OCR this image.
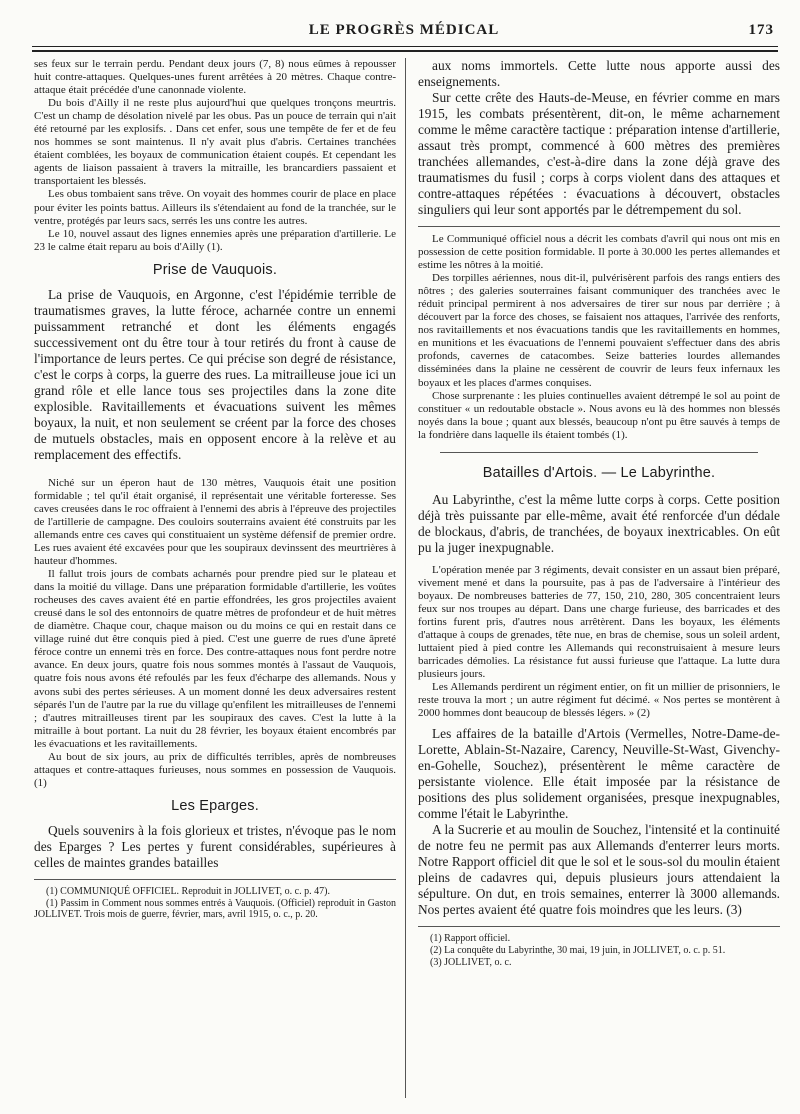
LE PROGRÈS MÉDICAL	173

ses feux sur le terrain perdu. Pendant deux jours (7, 8) nous eûmes à repousser huit contre-attaques. Quelques-unes furent arrêtées à 20 mètres. Chaque contre-attaque était précédée d'une canonnade violente.

Du bois d'Ailly il ne reste plus aujourd'hui que quelques tronçons meurtris. C'est un champ de désolation nivelé par les obus. Pas un pouce de terrain qui n'ait été retourné par les explosifs. . Dans cet enfer, sous une tempête de fer et de feu nos hommes se sont maintenus. Il n'y avait plus d'abris. Certaines tranchées étaient comblées, les boyaux de communication étaient coupés. Et cependant les agents de liaison passaient à travers la mitraille, les brancardiers passaient et transportaient les blessés.

Les obus tombaient sans trêve. On voyait des hommes courir de place en place pour éviter les points battus. Ailleurs ils s'étendaient au fond de la tranchée, sur le ventre, protégés par leurs sacs, serrés les uns contre les autres.

Le 10, nouvel assaut des lignes ennemies après une préparation d'artillerie. Le 23 le calme était reparu au bois d'Ailly (1).

Prise de Vauquois.

La prise de Vauquois, en Argonne, c'est l'épidémie terrible de traumatismes graves, la lutte féroce, acharnée contre un ennemi puissamment retranché et dont les éléments engagés successivement ont du être tour à tour retirés du front à cause de l'importance de leurs pertes. Ce qui précise son degré de résistance, c'est le corps à corps, la guerre des rues. La mitrailleuse joue ici un grand rôle et elle lance tous ses projectiles dans la zone dite explosible. Ravitaillements et évacuations suivent les mêmes boyaux, la nuit, et non seulement se créent par la force des choses de mutuels obstacles, mais en opposent encore à la relève et au remplacement des effectifs.

Niché sur un éperon haut de 130 mètres, Vauquois était une position formidable ; tel qu'il était organisé, il représentait une véritable forteresse. Ses caves creusées dans le roc offraient à l'ennemi des abris à l'épreuve des projectiles de l'artillerie de campagne. Des couloirs souterrains avaient été construits par les allemands entre ces caves qui constituaient un système défensif de premier ordre. Les rues avaient été excavées pour que les soupiraux devinssent des meurtrières à hauteur d'hommes.

Il fallut trois jours de combats acharnés pour prendre pied sur le plateau et dans la moitié du village. Dans une préparation formidable d'artillerie, les voûtes rocheuses des caves avaient été en partie effondrées, les gros projectiles avaient creusé dans le sol des entonnoirs de quatre mètres de profondeur et de huit mètres de diamètre. Chaque cour, chaque maison ou du moins ce qui en restait dans ce village ruiné dut être conquis pied à pied. C'est une guerre de rues d'une âpreté féroce contre un ennemi très en force. Des contre-attaques nous font perdre notre avance. En deux jours, quatre fois nous sommes montés à l'assaut de Vauquois, quatre fois nous avons été refoulés par les feux d'écharpe des allemands. Nous y avons subi des pertes sérieuses. A un moment donné les deux adversaires restent séparés l'un de l'autre par la rue du village qu'enfilent les mitrailleuses de l'ennemi ; d'autres mitrailleuses tirent par les soupiraux des caves. C'est la lutte à la mitraille à bout portant. La nuit du 28 février, les boyaux étaient encombrés par les évacuations et les ravitaillements.

Au bout de six jours, au prix de difficultés terribles, après de nombreuses attaques et contre-attaques furieuses, nous sommes en possession de Vauquois. (1)

Les Eparges.

Quels souvenirs à la fois glorieux et tristes, n'évoque pas le nom des Eparges ? Les pertes y furent considérables, supérieures à celles de maintes grandes batailles

(1) COMMUNIQUÉ OFFICIEL. Reproduit in JOLLIVET, o. c. p. 47).

(1) Passim in Comment nous sommes entrés à Vauquois. (Officiel) reproduit in Gaston JOLLIVET. Trois mois de guerre, février, mars, avril 1915, o. c., p. 20.

aux noms immortels. Cette lutte nous apporte aussi des enseignements.

Sur cette crête des Hauts-de-Meuse, en février comme en mars 1915, les combats présentèrent, dit-on, le même acharnement comme le même caractère tactique : préparation intense d'artillerie, assaut très prompt, commencé à 600 mètres des premières tranchées allemandes, c'est-à-dire dans la zone déjà grave des traumatismes du fusil ; corps à corps violent dans des attaques et contre-attaques répétées : évacuations à découvert, obstacles singuliers qui leur sont apportés par le détrempement du sol.

Le Communiqué officiel nous a décrit les combats d'avril qui nous ont mis en possession de cette position formidable. Il porte à 30.000 les pertes allemandes et estime les nôtres à la moitié.

Des torpilles aériennes, nous dit-il, pulvérisèrent parfois des rangs entiers des nôtres ; des galeries souterraines faisant communiquer des tranchées avec le réduit principal permirent à nos adversaires de tirer sur nous par derrière ; à découvert par la force des choses, se faisaient nos attaques, l'arrivée des renforts, nos ravitaillements et nos évacuations tandis que les ravitaillements en hommes, en munitions et les évacuations de l'ennemi pouvaient s'effectuer dans des abris profonds, cavernes de catacombes. Seize batteries lourdes allemandes disséminées dans la plaine ne cessèrent de couvrir de leurs feux infernaux les boyaux et les places d'armes conquises.

Chose surprenante : les pluies continuelles avaient détrempé le sol au point de constituer « un redoutable obstacle ». Nous avons eu là des hommes non blessés noyés dans la boue ; quant aux blessés, beaucoup n'ont pu être sauvés à temps de la fondrière dans laquelle ils étaient tombés (1).

Batailles d'Artois. — Le Labyrinthe.

Au Labyrinthe, c'est la même lutte corps à corps. Cette position déjà très puissante par elle-même, avait été renforcée d'un dédale de blockaus, d'abris, de tranchées, de boyaux inextricables. On eût pu la juger inexpugnable.

L'opération menée par 3 régiments, devait consister en un assaut bien préparé, vivement mené et dans la poursuite, pas à pas de l'adversaire à l'intérieur des boyaux. De nombreuses batteries de 77, 150, 210, 280, 305 concentraient leurs feux sur nos troupes au départ. Dans une charge furieuse, des barricades et des fortins furent pris, d'autres nous arrêtèrent. Dans les boyaux, les éléments d'attaque à coups de grenades, tête nue, en bras de chemise, sous un soleil ardent, luttaient pied à pied contre les Allemands qui reconstruisaient à mesure leurs barricades démolies. La résistance fut aussi furieuse que l'attaque. La lutte dura plusieurs jours.

Les Allemands perdirent un régiment entier, on fit un millier de prisonniers, le reste trouva la mort ; un autre régiment fut décimé. « Nos pertes se montèrent à 2000 hommes dont beaucoup de blessés légers. » (2)

Les affaires de la bataille d'Artois (Vermelles, Notre-Dame-de-Lorette, Ablain-St-Nazaire, Carency, Neuville-St-Wast, Givenchy-en-Gohelle, Souchez), présentèrent le même caractère de persistante violence. Elle était imposée par la résistance de positions des plus solidement organisées, presque inexpugnables, comme l'était le Labyrinthe.

A la Sucrerie et au moulin de Souchez, l'intensité et la continuité de notre feu ne permit pas aux Allemands d'enterrer leurs morts. Notre Rapport officiel dit que le sol et le sous-sol du moulin étaient pleins de cadavres qui, depuis plusieurs jours attendaient la sépulture. On dut, en trois semaines, enterrer là 3000 allemands. Nos pertes avaient été quatre fois moindres que les leurs. (3)

(1) Rapport officiel.

(2) La conquête du Labyrinthe, 30 mai, 19 juin, in JOLLIVET, o. c. p. 51.

(3) JOLLIVET, o. c.
